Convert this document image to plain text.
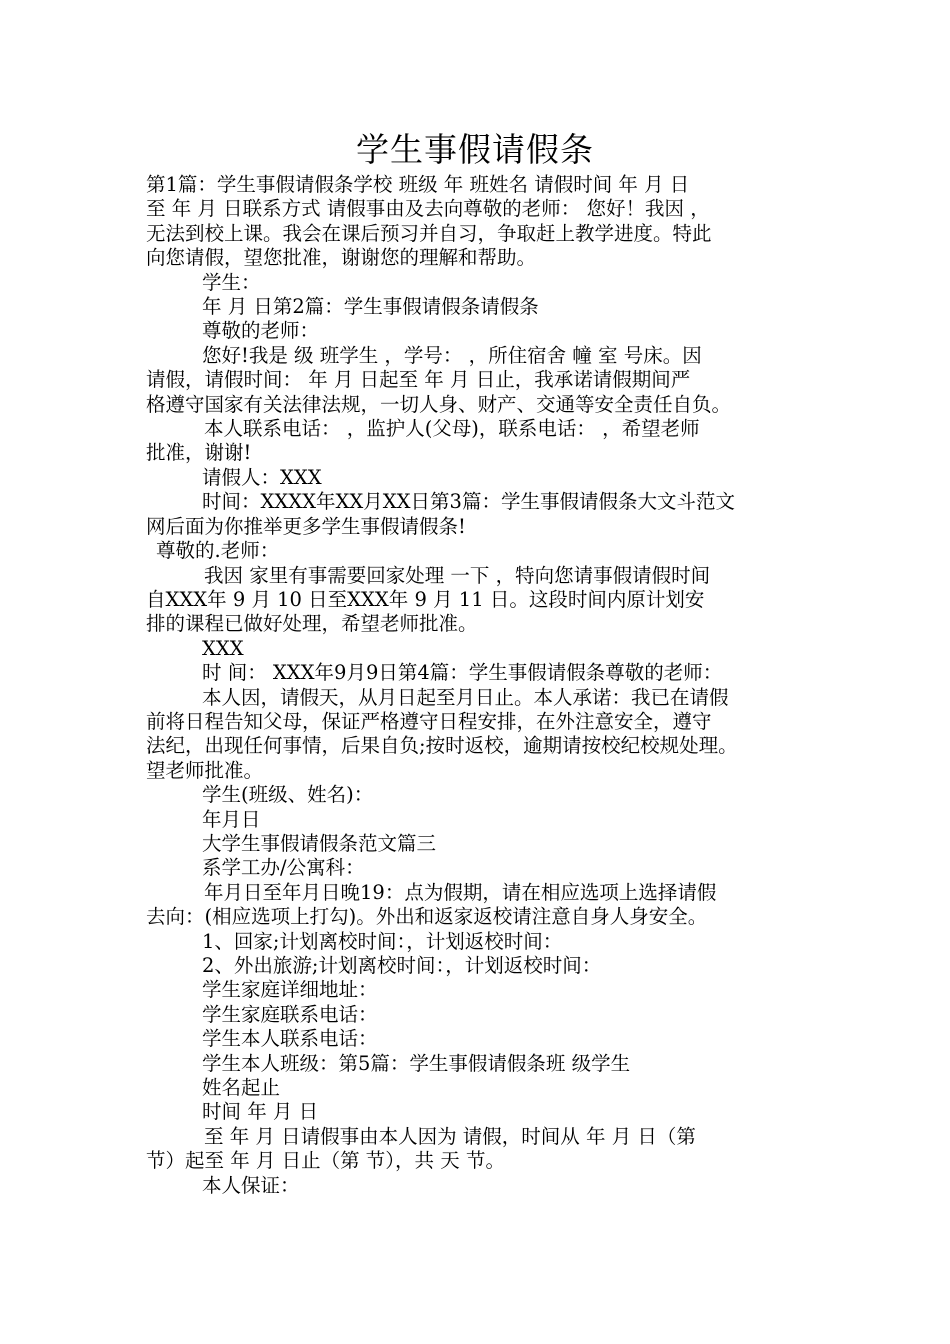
学生事假请假条

第1篇：学生事假请假条学校 班级 年 班姓名 请假时间 年 月 日

至 年 月 日联系方式 请假事由及去向尊敬的老师： 您好！我因 ，

无法到校上课。我会在课后预习并自习，争取赶上教学进度。特此

向您请假，望您批准，谢谢您的理解和帮助。

学生：

年 月 日第2篇：学生事假请假条请假条

尊敬的老师：

您好!我是 级 班学生 ，学号： ，所住宿舍 幢 室 号床。因

请假，请假时间： 年 月 日起至 年 月 日止，我承诺请假期间严

格遵守国家有关法律法规，一切人身、财产、交通等安全责任自负。

本人联系电话： ，监护人(父母)，联系电话： ，希望老师

批准，谢谢!

请假人：XXX

时间：XXXX年XX月XX日第3篇：学生事假请假条大文斗范文

网后面为你推举更多学生事假请假条!

尊敬的.老师：

我因 家里有事需要回家处理 一下 ，特向您请事假请假时间

自XXX年 9 月 10 日至XXX年 9 月 11 日。这段时间内原计划安

排的课程已做好处理，希望老师批准。

XXX

时 间： XXX年9月9日第4篇：学生事假请假条尊敬的老师：

本人因，请假天，从月日起至月日止。本人承诺：我已在请假

前将日程告知父母，保证严格遵守日程安排，在外注意安全，遵守

法纪，出现任何事情，后果自负;按时返校，逾期请按校纪校规处理。

望老师批准。

学生(班级、姓名)：

年月日

大学生事假请假条范文篇三

系学工办/公寓科：

年月日至年月日晚19：点为假期，请在相应选项上选择请假

去向：(相应选项上打勾)。外出和返家返校请注意自身人身安全。

1、回家;计划离校时间：，计划返校时间：

2、外出旅游;计划离校时间：，计划返校时间：

学生家庭详细地址：

学生家庭联系电话：

学生本人联系电话：

学生本人班级：第5篇：学生事假请假条班 级学生

姓名起止

时间 年 月 日

至 年 月 日请假事由本人因为 请假，时间从 年 月 日（第

节）起至 年 月 日止（第 节），共 天 节。

本人保证：
